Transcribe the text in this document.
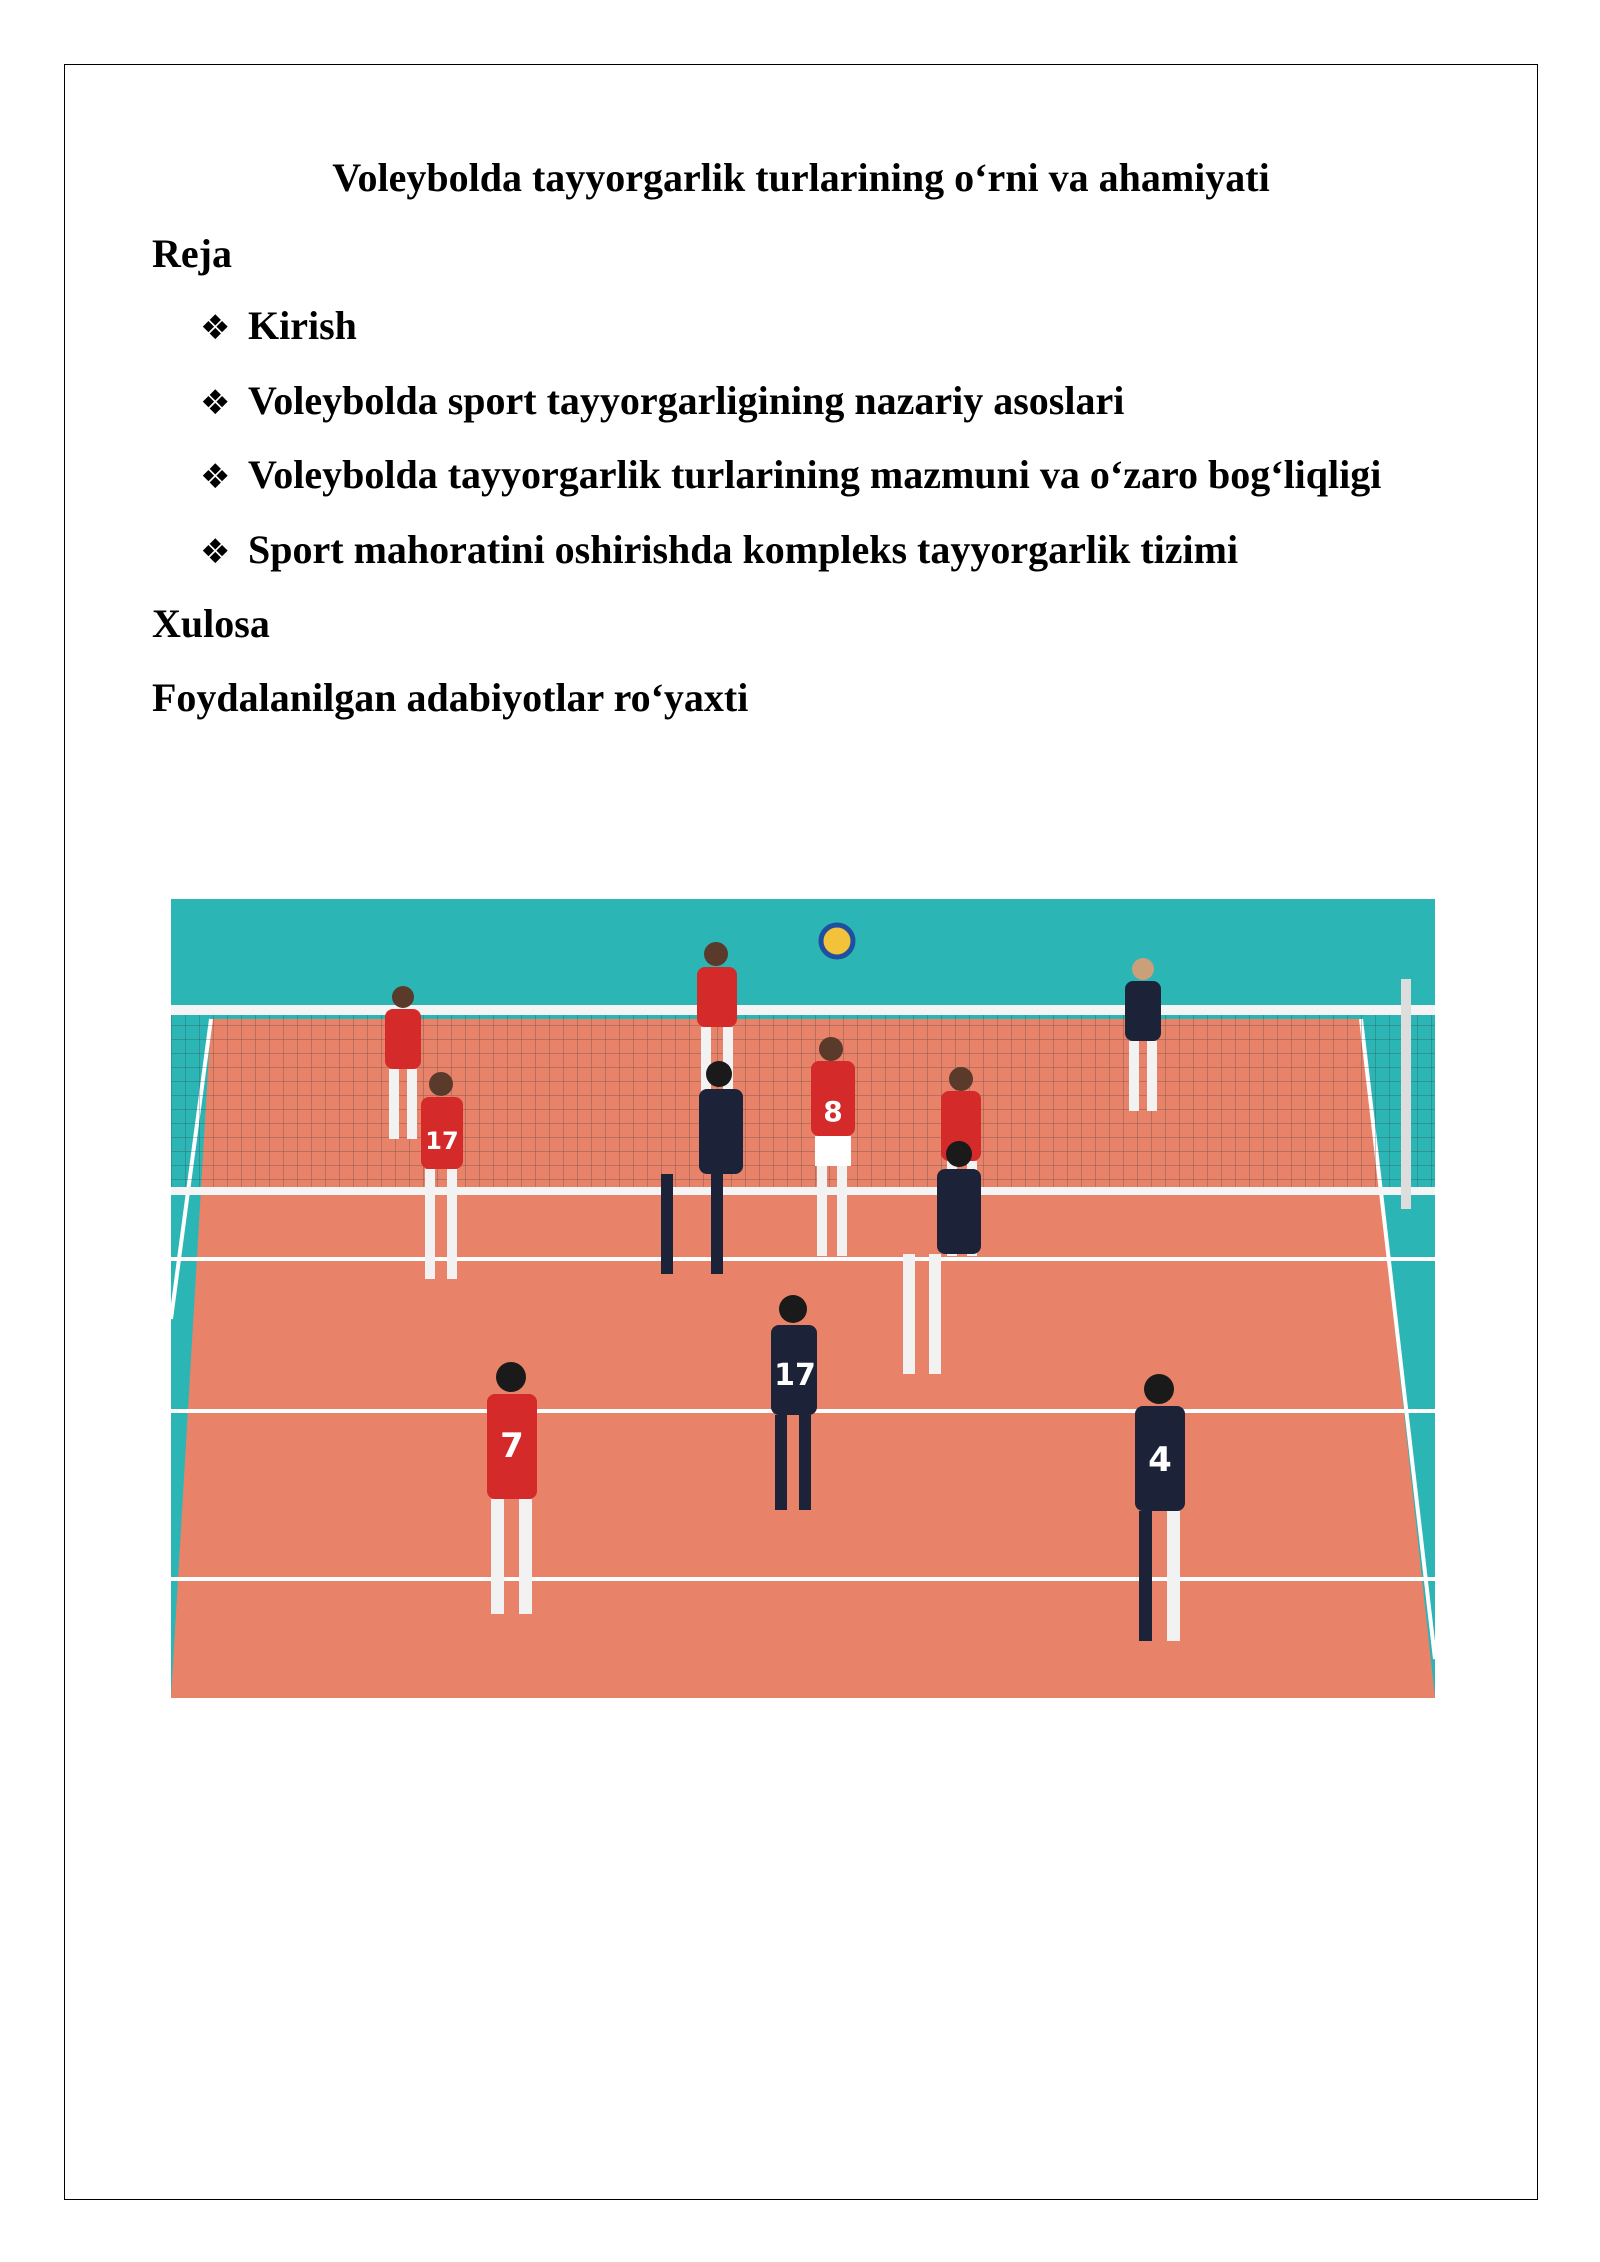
Voleybolda tayyorgarlik turlarining o‘rni va ahamiyati

Reja

❖ Kirish
❖ Voleybolda sport tayyorgarligining nazariy asoslari
❖ Voleybolda tayyorgarlik turlarining mazmuni va o‘zaro bog‘liqligi
❖ Sport mahoratini oshirishda kompleks tayyorgarlik tizimi

Xulosa

Foydalanilgan adabiyotlar ro‘yaxti

8
17
17
7	4
